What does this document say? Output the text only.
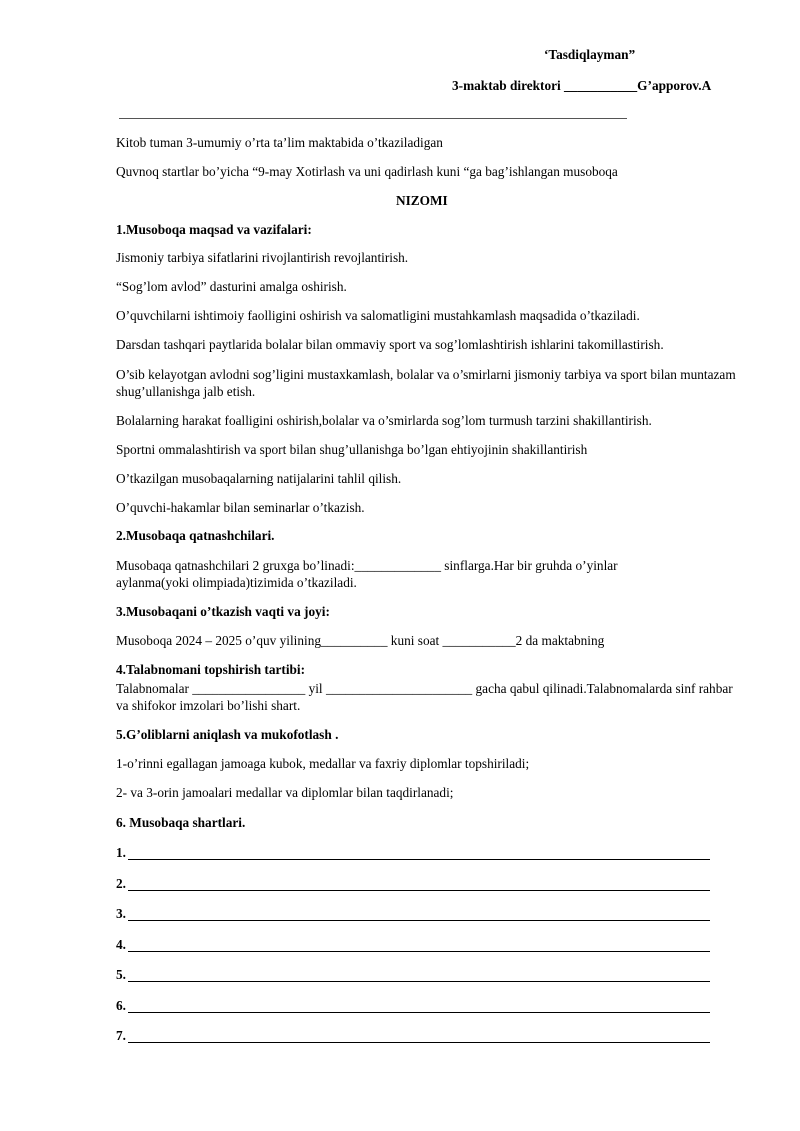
‘Tasdiqlayman”
3-maktab direktori ___________G’apporov.A
Kitob tuman 3-umumiy o’rta ta’lim maktabida o’tkaziladigan
Quvnoq startlar bo’yicha “9-may Xotirlash va uni qadirlash kuni “ga bag’ishlangan musoboqa
NIZOMI
1.Musoboqa maqsad va vazifalari:
Jismoniy tarbiya sifatlarini rivojlantirish revojlantirish.
“Sog’lom avlod” dasturini amalga oshirish.
O’quvchilarni ishtimoiy faolligini oshirish va salomatligini mustahkamlash maqsadida o’tkaziladi.
Darsdan tashqari paytlarida bolalar bilan ommaviy sport va sog’lomlashtirish ishlarini takomillastirish.
O’sib kelayotgan avlodni sog’ligini mustaxkamlash, bolalar va o’smirlarni jismoniy tarbiya va sport bilan muntazam shug’ullanishga jalb etish.
Bolalarning harakat foalligini oshirish,bolalar va o’smirlarda sog’lom turmush tarzini shakillantirish.
Sportni ommalashtirish va sport bilan shug’ullanishga bo’lgan ehtiyojinin shakillantirish
O’tkazilgan musobaqalarning natijalarini tahlil qilish.
O’quvchi-hakamlar bilan seminarlar o’tkazish.
2.Musobaqa qatnashchilari.
Musobaqa qatnashchilari 2 gruxga bo’linadi:_____________ sinflarga.Har bir gruhda o’yinlar aylanma(yoki olimpiada)tizimida o’tkaziladi.
3.Musobaqani o’tkazish vaqti va joyi:
Musoboqa 2024 – 2025 o’quv yilining__________ kuni soat ___________2 da maktabning
4.Talabnomani topshirish tartibi:
Talabnomalar _________________ yil ______________________ gacha qabul qilinadi.Talabnomalarda sinf rahbar va shifokor imzolari bo’lishi shart.
5.G’oliblarni aniqlash va mukofotlash .
1-o’rinni egallagan jamoaga kubok, medallar va faxriy diplomlar topshiriladi;
2- va 3-orin jamoalari medallar va diplomlar bilan taqdirlanadi;
6. Musobaqa shartlari.
1.
2.
3.
4.
5.
6.
7.
